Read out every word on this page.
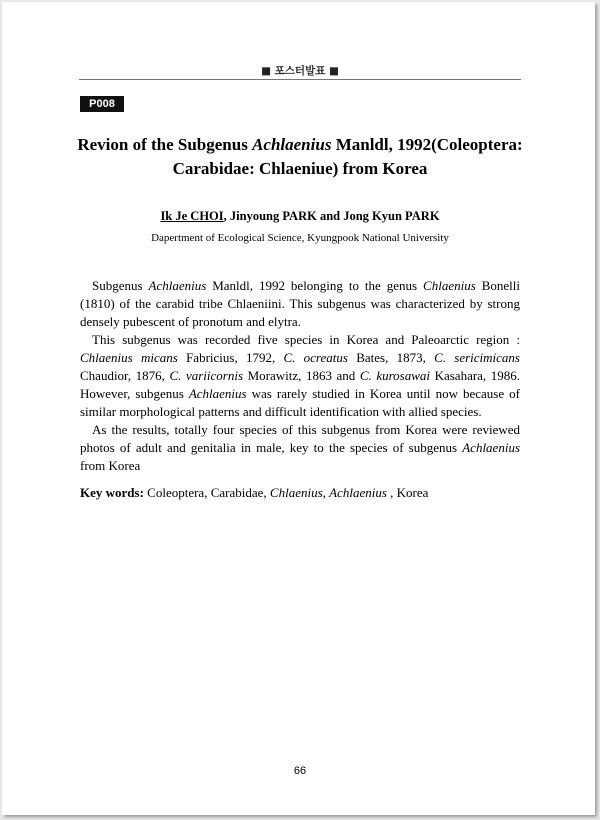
■ 포스터발표 ■
P008
Revion of the Subgenus Achlaenius Manldl, 1992(Coleoptera:
Carabidae: Chlaeniue) from Korea
Ik Je CHOI, Jinyoung PARK and Jong Kyun PARK
Dapertment of Ecological Science, Kyungpook National University

Subgenus Achlaenius Manldl, 1992 belonging to the genus Chlaenius Bonelli (1810) of the carabid tribe Chlaeniini. This subgenus was characterized by strong densely pubescent of pronotum and elytra.

This subgenus was recorded five species in Korea and Paleoarctic region : Chlaenius micans Fabricius, 1792, C. ocreatus Bates, 1873, C. sericimicans Chaudior, 1876, C. variicornis Morawitz, 1863 and C. kurosawai Kasahara, 1986. However, subgenus Achlaenius was rarely studied in Korea until now because of similar morphological patterns and difficult identification with allied species.

As the results, totally four species of this subgenus from Korea were reviewed photos of adult and genitalia in male, key to the species of subgenus Achlaenius from Korea

Key words: Coleoptera, Carabidae, Chlaenius, Achlaenius , Korea
66
